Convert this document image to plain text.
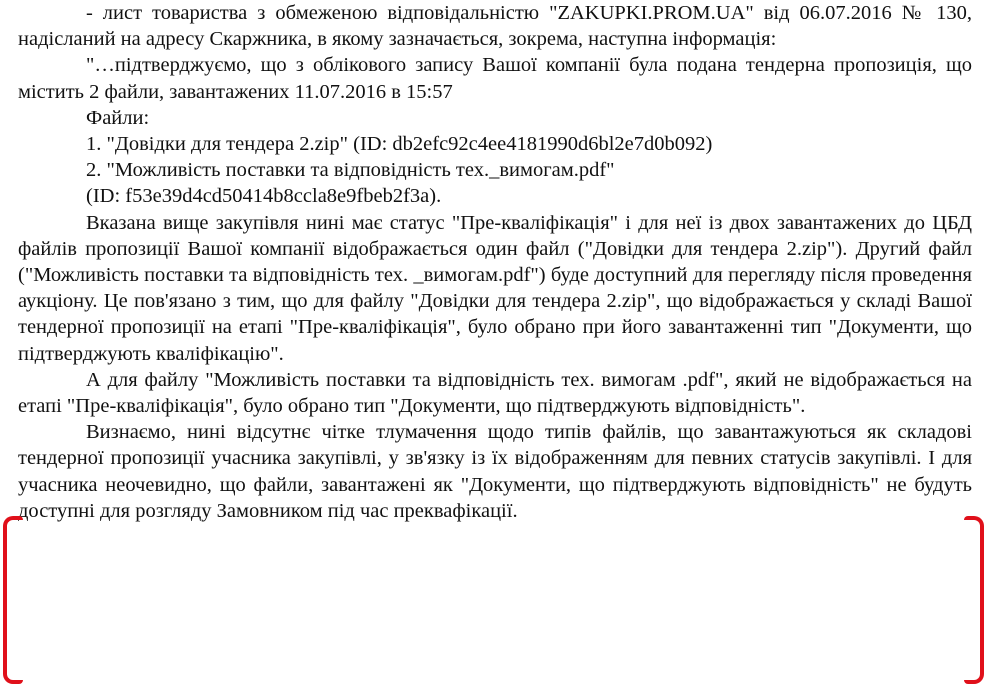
- лист товариства з обмеженою відповідальністю "ZAKUPKI.PROM.UA" від 06.07.2016 № 130, надісланий на адресу Скаржника, в якому зазначається, зокрема, наступна інформація:

"…підтверджуємо, що з облікового запису Вашої компанії була подана тендерна пропозиція, що містить 2 файли, завантажених 11.07.2016 в 15:57

Файли:

1. "Довідки для тендера 2.zip" (ID: db2efc92c4ee4181990d6bl2e7d0b092)

2. "Можливість поставки та відповідність тех._вимогам.pdf"

(ID: f53e39d4cd50414b8ccla8e9fbeb2f3a).

Вказана вище закупівля нині має статус "Пре-кваліфікація" і для неї із двох завантажених до ЦБД файлів пропозиції Вашої компанії відображається один файл ("Довідки для тендера 2.zip"). Другий файл ("Можливість поставки та відповідність тех. _вимогам.pdf") буде доступний для перегляду після проведення аукціону. Це пов'язано з тим, що для файлу "Довідки для тендера 2.zip", що відображається у складі Вашої тендерної пропозиції на етапі "Пре-кваліфікація", було обрано при його завантаженні тип "Документи, що підтверджують кваліфікацію".

А для файлу "Можливість поставки та відповідність тех. вимогам .pdf", який не відображається на етапі "Пре-кваліфікація", було обрано тип "Документи, що підтверджують відповідність".

Визнаємо, нині відсутнє чітке тлумачення щодо типів файлів, що завантажуються як складові тендерної пропозиції учасника закупівлі, у зв'язку із їх відображенням для певних статусів закупівлі. І для учасника неочевидно, що файли, завантажені як "Документи, що підтверджують відповідність" не будуть доступні для розгляду Замовником під час преквафікації.
